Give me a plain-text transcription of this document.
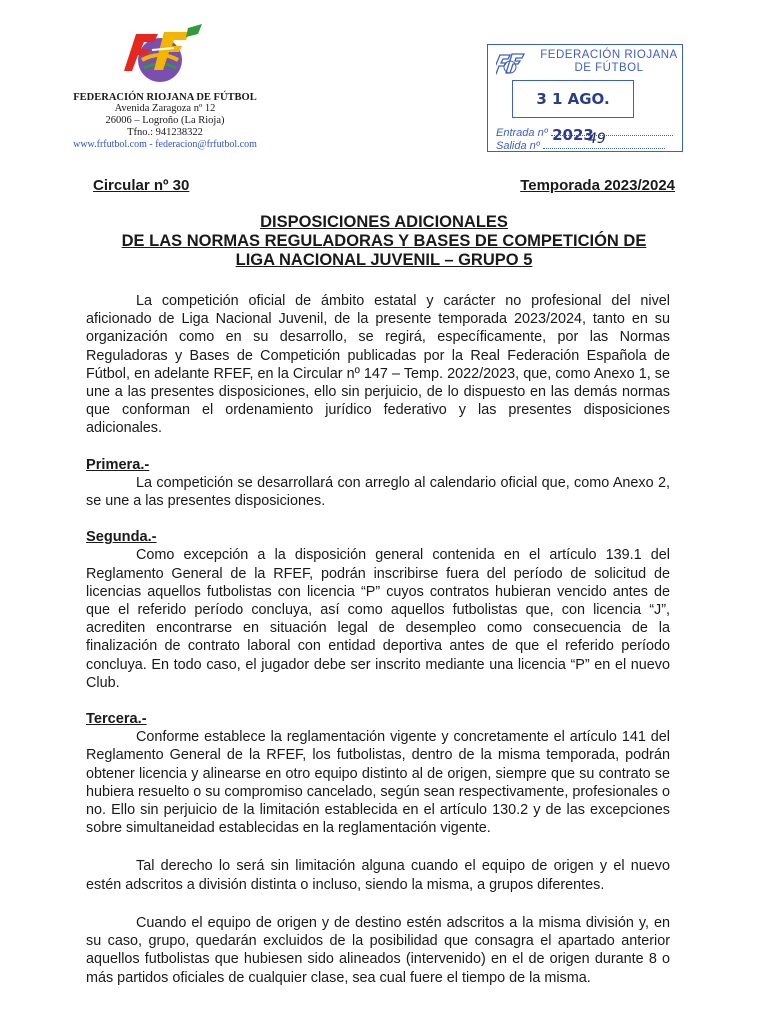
FEDERACIÓN RIOJANA DE FÚTBOL
Avenida Zaragoza nº 12
26006 – Logroño (La Rioja)
Tfno.: 941238322
www.frfutbol.com - federacion@frfutbol.com
FEDERACIÓN RIOJANA
DE FÚTBOL
3 1 AGO. 2023
Entrada nº
Salida nº	49
Circular nº 30	Temporada 2023/2024
DISPOSICIONES ADICIONALES
DE LAS NORMAS REGULADORAS Y BASES DE COMPETICIÓN DE
LIGA NACIONAL JUVENIL – GRUPO 5

La competición oficial de ámbito estatal y carácter no profesional del nivel aficionado de Liga Nacional Juvenil, de la presente temporada 2023/2024, tanto en su organización como en su desarrollo, se regirá, específicamente, por las Normas Reguladoras y Bases de Competición publicadas por la Real Federación Española de Fútbol, en adelante RFEF, en la Circular nº 147 – Temp. 2022/2023, que, como Anexo 1, se une a las presentes disposiciones, ello sin perjuicio, de lo dispuesto en las demás normas que conforman el ordenamiento jurídico federativo y las presentes disposiciones adicionales.

Primera.-

La competición se desarrollará con arreglo al calendario oficial que, como Anexo 2, se une a las presentes disposiciones.

Segunda.-

Como excepción a la disposición general contenida en el artículo 139.1 del Reglamento General de la RFEF, podrán inscribirse fuera del período de solicitud de licencias aquellos futbolistas con licencia “P” cuyos contratos hubieran vencido antes de que el referido período concluya, así como aquellos futbolistas que, con licencia “J”, acrediten encontrarse en situación legal de desempleo como consecuencia de la finalización de contrato laboral con entidad deportiva antes de que el referido período concluya. En todo caso, el jugador debe ser inscrito mediante una licencia “P” en el nuevo Club.

Tercera.-

Conforme establece la reglamentación vigente y concretamente el artículo 141 del Reglamento General de la RFEF, los futbolistas, dentro de la misma temporada, podrán obtener licencia y alinearse en otro equipo distinto al de origen, siempre que su contrato se hubiera resuelto o su compromiso cancelado, según sean respectivamente, profesionales o no. Ello sin perjuicio de la limitación establecida en el artículo 130.2 y de las excepciones sobre simultaneidad establecidas en la reglamentación vigente.

Tal derecho lo será sin limitación alguna cuando el equipo de origen y el nuevo estén adscritos a división distinta o incluso, siendo la misma, a grupos diferentes.

Cuando el equipo de origen y de destino estén adscritos a la misma división y, en su caso, grupo, quedarán excluidos de la posibilidad que consagra el apartado anterior aquellos futbolistas que hubiesen sido alineados (intervenido) en el de origen durante 8 o más partidos oficiales de cualquier clase, sea cual fuere el tiempo de la misma.
